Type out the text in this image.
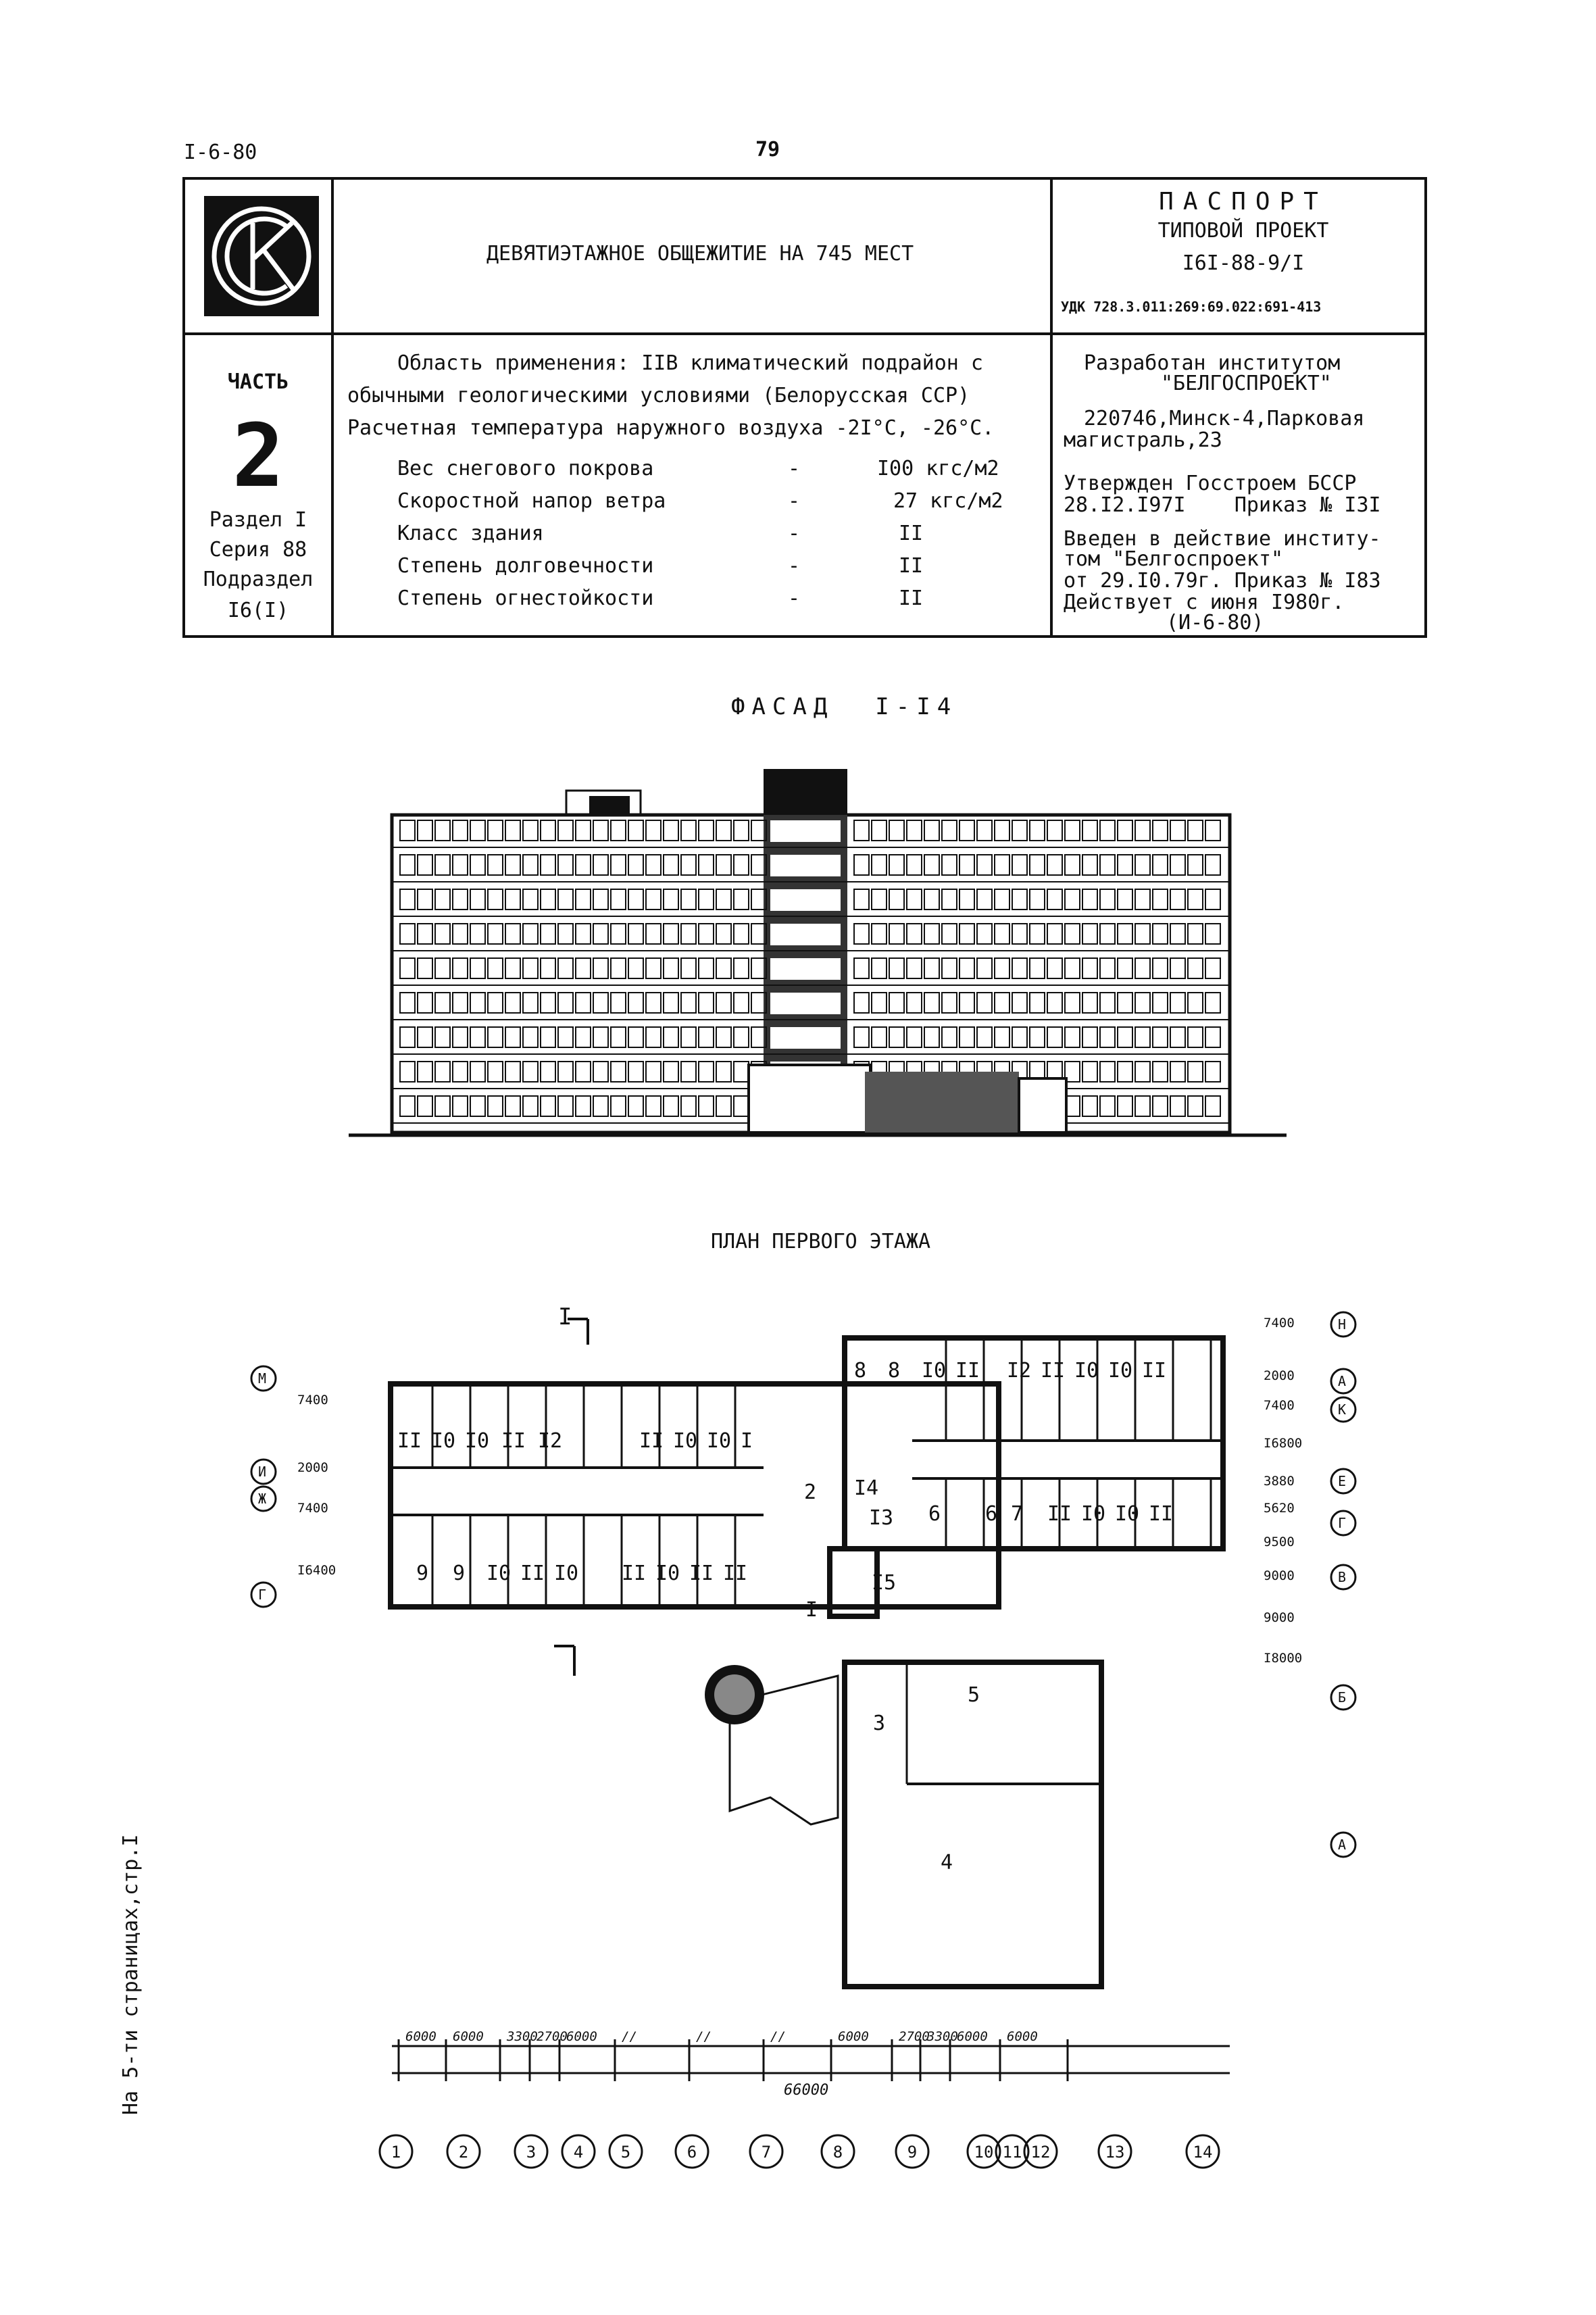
I-6-80	79
ДЕВЯТИЭТАЖНОЕ ОБЩЕЖИТИЕ НА 745 МЕСТ
ПАСПОРТ
ТИПОВОЙ ПРОЕКТ
I6I-88-9/I
УДК 728.3.011:269:69.022:691-413
ЧАСТЬ
2
Раздел I
Серия 88
Подраздел
I6(I)
Область применения: IIВ климатический подрайон с
обычными геологическими условиями (Белорусская ССР)
Расчетная температура наружного воздуха -2I°С, -26°С.
Вес снегового покрова	-	I00 кгс/м2
Скоростной напор ветра	-	27 кгс/м2
Класс здания	-	II
Степень долговечности	-	II
Степень огнестойкости	-	II
Разработан институтом
"БЕЛГОСПРОЕКТ"
220746,Минск-4,Парковая
магистраль,23
Утвержден Госстроем БССР
28.I2.I97I    Приказ № I3I
Введен в действие институ-
том "Белгоспроект"
от 29.I0.79г. Приказ № I83
Действует с июня I980г.
(И-6-80)
ФАСАД  I-I4
ПЛАН ПЕРВОГО ЭТАЖА
II I0 I0 II I2	II I0 I0 I
8 8 I0 II I2 II I0 I0 II
2 I4
I3 6 6 7 II I0 I0 II
9 9 I0 II I0 II I0 II II	I5
I
3
5
4
6000 6000 3300
2700
6000 //	//	//	6000 2700
3300
6000 6000
7400
2000
7400
I6400
7400
2000
7400
I6800
3880
5620
9500
9000
9000
I8000
М
И
Ж
Г
Н
А
К
Е
Г
В
Б
А
66000
I
1	2	3 4 5	6	7	8	9	10 11 12	13	14
На 5-ти страницах,стр.I
